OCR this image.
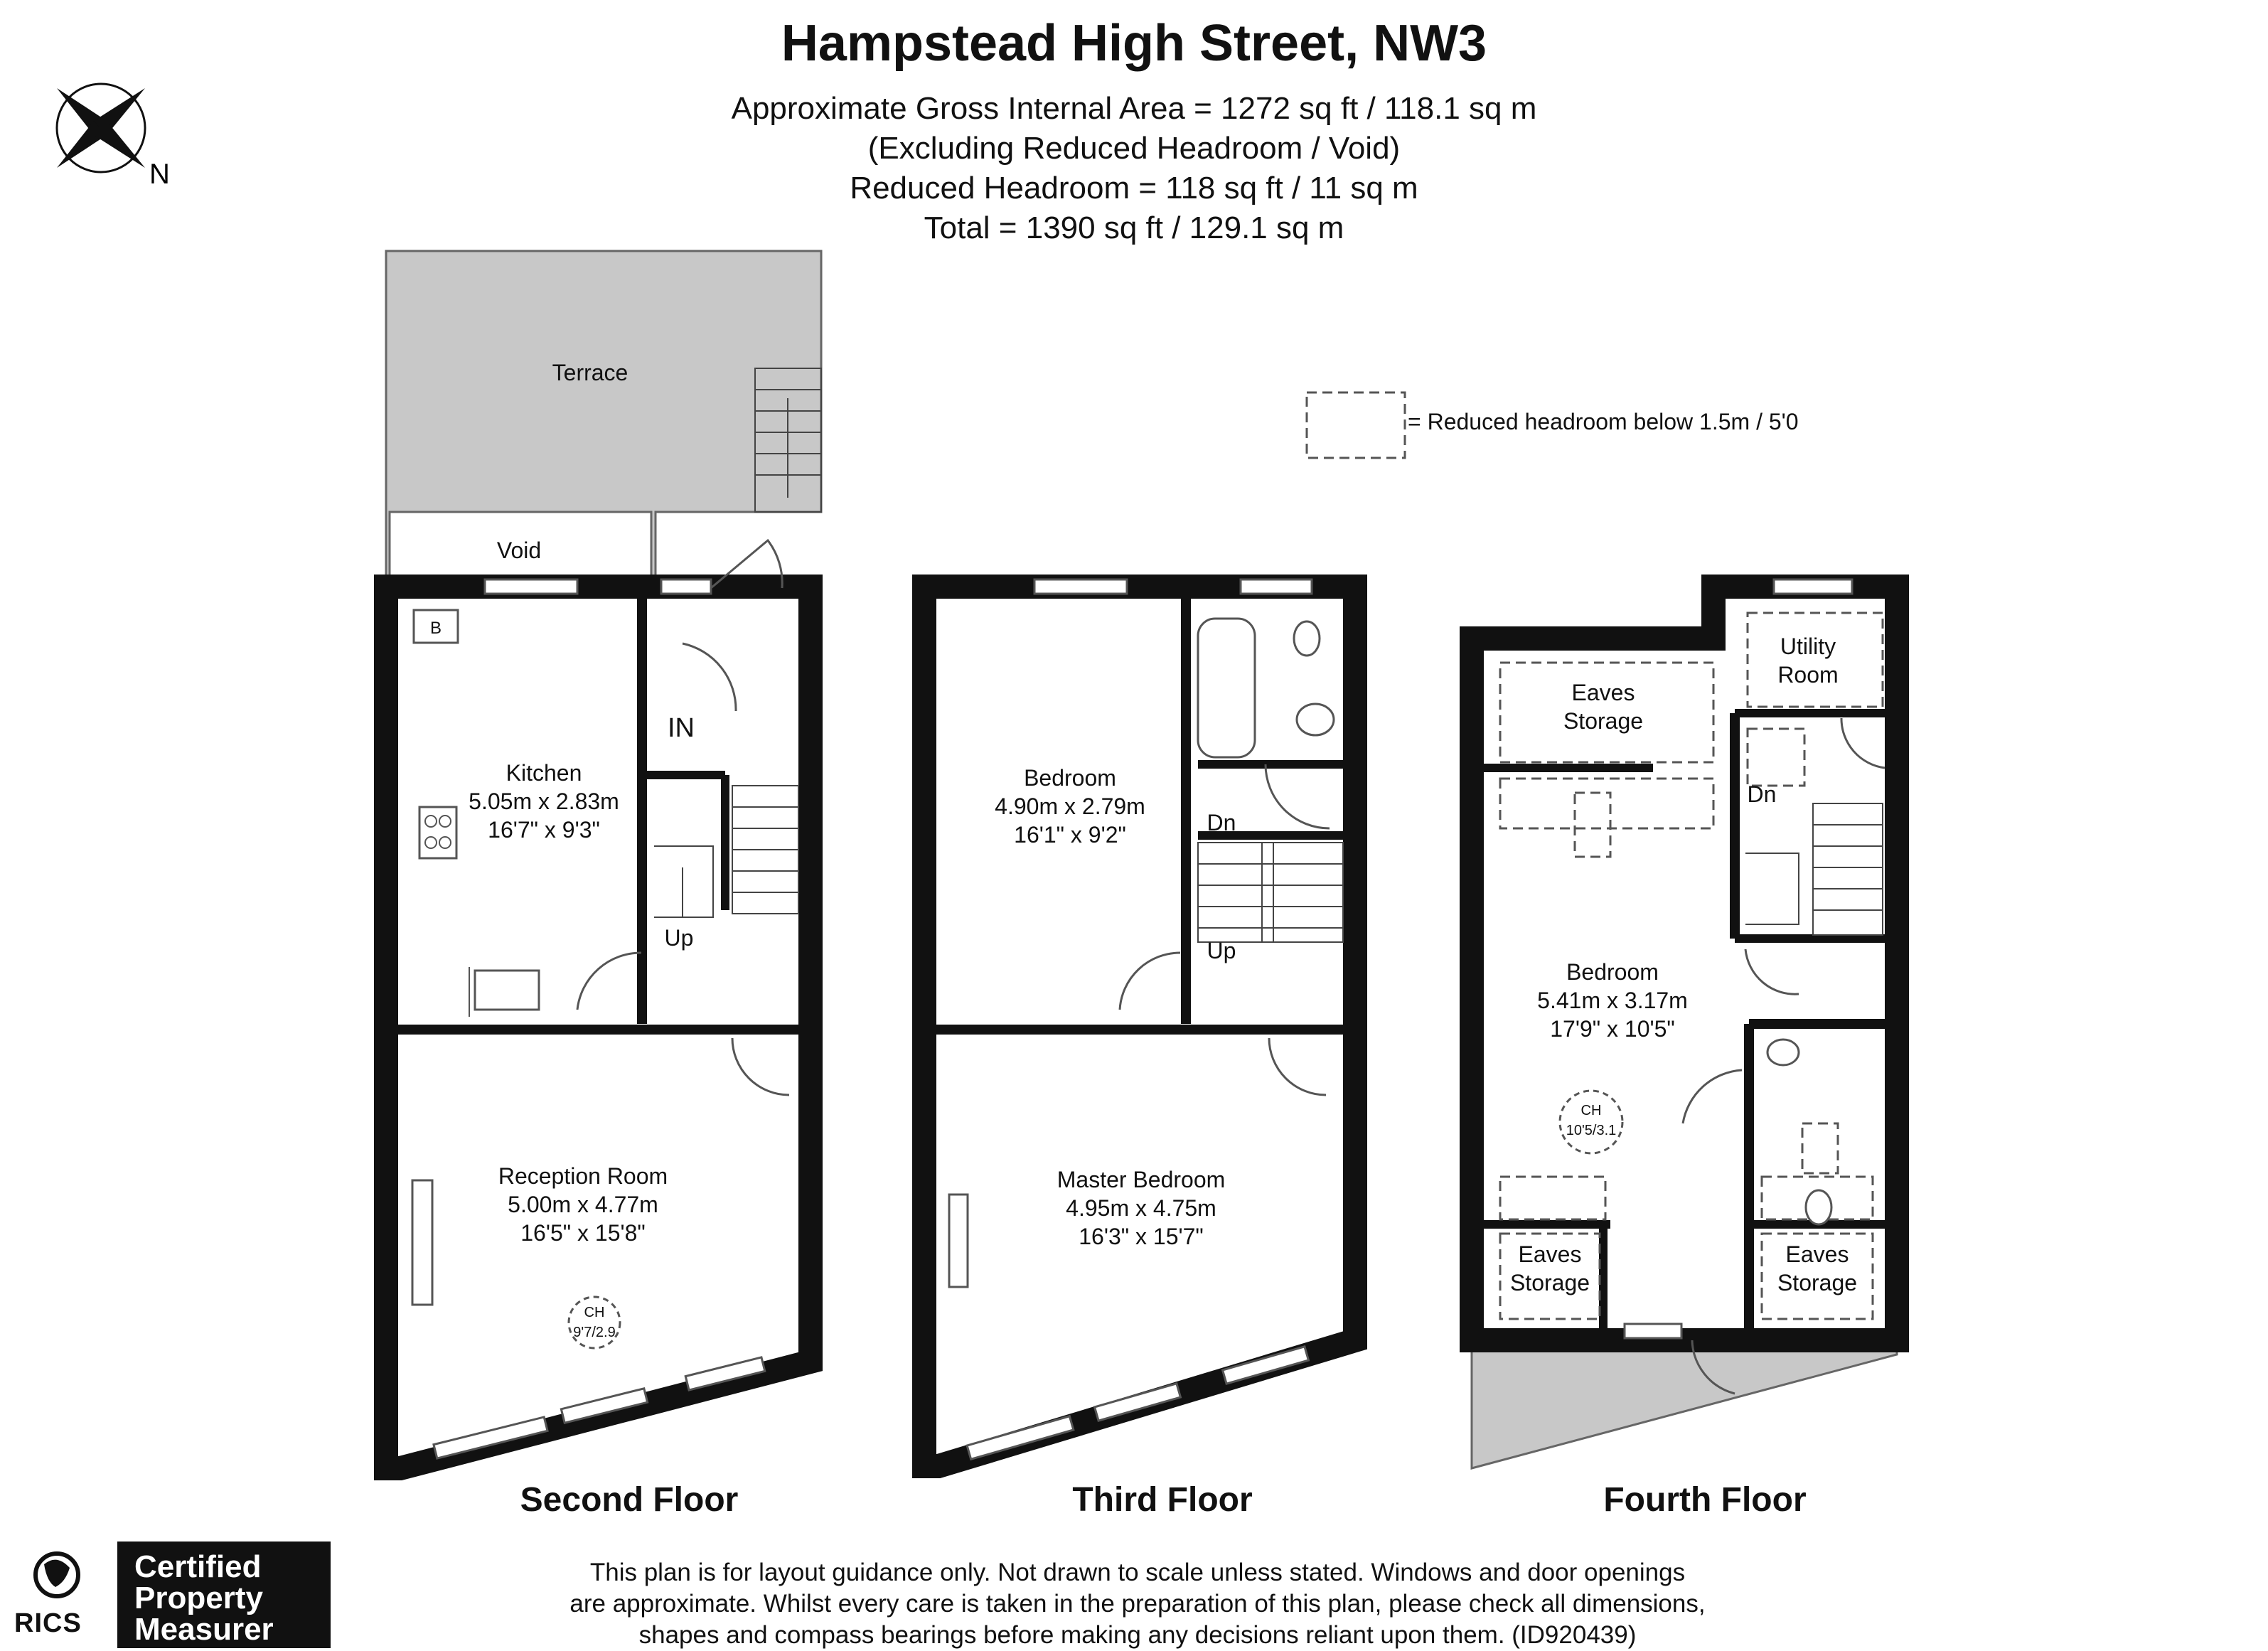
Hampstead High Street, NW3
Approximate Gross Internal Area = 1272 sq ft / 118.1 sq m
(Excluding Reduced Headroom / Void)
Reduced Headroom = 118 sq ft / 11 sq m
Total = 1390 sq ft / 129.1 sq m
= Reduced headroom below 1.5m / 5'0
N
Terrace
Void
B
IN
Up
Kitchen
5.05m x 2.83m
16'7" x 9'3"
Reception Room
5.00m x 4.77m
16'5" x 15'8"
CH
9'7/2.9
Dn
Up
Bedroom
4.90m x 2.79m
16'1" x 9'2"
Master Bedroom
4.95m x 4.75m
16'3" x 15'7"
Utility
Room
Eaves
Storage
Dn
Bedroom
5.41m x 3.17m
17'9" x 10'5"
CH
10'5/3.1
Eaves
Storage
Eaves
Storage
Second Floor	Third Floor	Fourth Floor
This plan is for layout guidance only. Not drawn to scale unless stated. Windows and door openings
are approximate. Whilst every care is taken in the preparation of this plan, please check all dimensions,
shapes and compass bearings before making any decisions reliant upon them. (ID920439)
Certified
Property
Measurer
RICS
